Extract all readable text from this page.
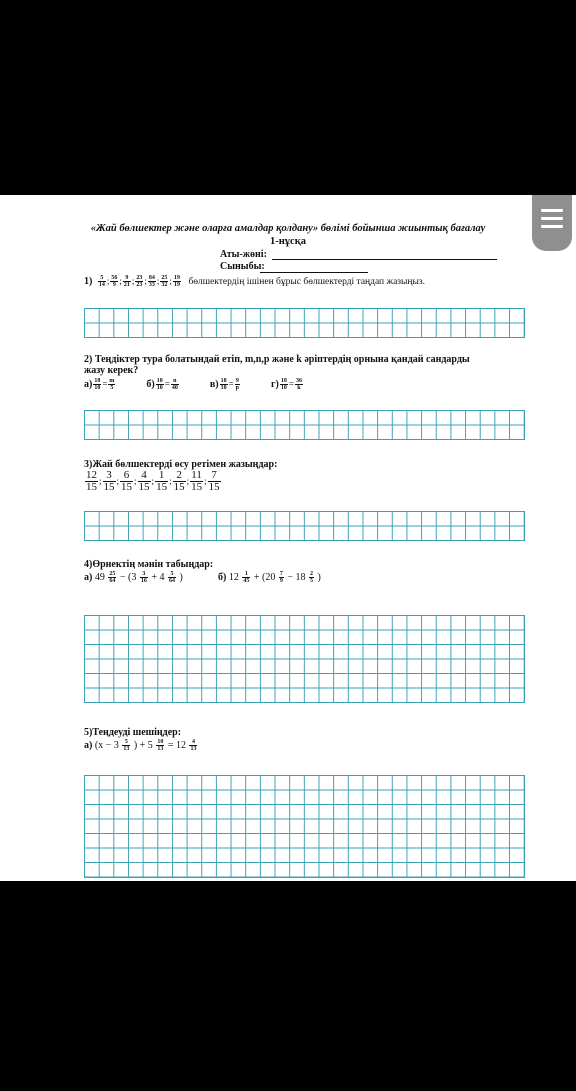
«Жай бөлшектер және оларға амалдар қолдану» бөлімі бойынша жиынтық бағалау
1-нұсқа
Аты-жөні:
Сыныбы:
$1) \frac{5}{14}$ ; $\frac{56}{9}$ ; $\frac{9}{21}$ ; $\frac{23}{23}$ ; $\frac{84}{33}$ ; $\frac{25}{32}$ ; $\frac{19}{19}$ бөлшектердің ішінен бұрыс бөлшектерді таңдап жазыңыз.
2) Теңдіктер тура болатындай етіп, m,n,p және k әріптердің орнына қандай сандарды
жазу керек?
$а) \frac{18}{10} = \frac{m}{5}$	$б) \frac{18}{10} = \frac{n}{40}$	$в) \frac{18}{10} = \frac{9}{p}$	$г) \frac{18}{10} = \frac{36}{k}$
3)Жай бөлшектерді өсу ретімен жазыңдар:
$\frac{12}{15}$ ; $\frac{3}{15}$ ; $\frac{6}{15}$ ; $\frac{4}{15}$ ; $\frac{1}{15}$ ; $\frac{2}{15}$ ; $\frac{11}{15}$ ; $\frac{7}{15}$
4)Өрнектің мәнін табыңдар:
а) $49 \frac{25}{64} - (3 \frac{3}{16} + 4 \frac{5}{64}$ )	б) $12 \frac{1}{45} + (20 \frac{7}{9} - 18 \frac{2}{5}$ )
5)Теңдеуді шешіңдер:
а) ($x - 3 \frac{5}{13}$ ) + $5 \frac{10}{13} = 12 \frac{4}{13}$
